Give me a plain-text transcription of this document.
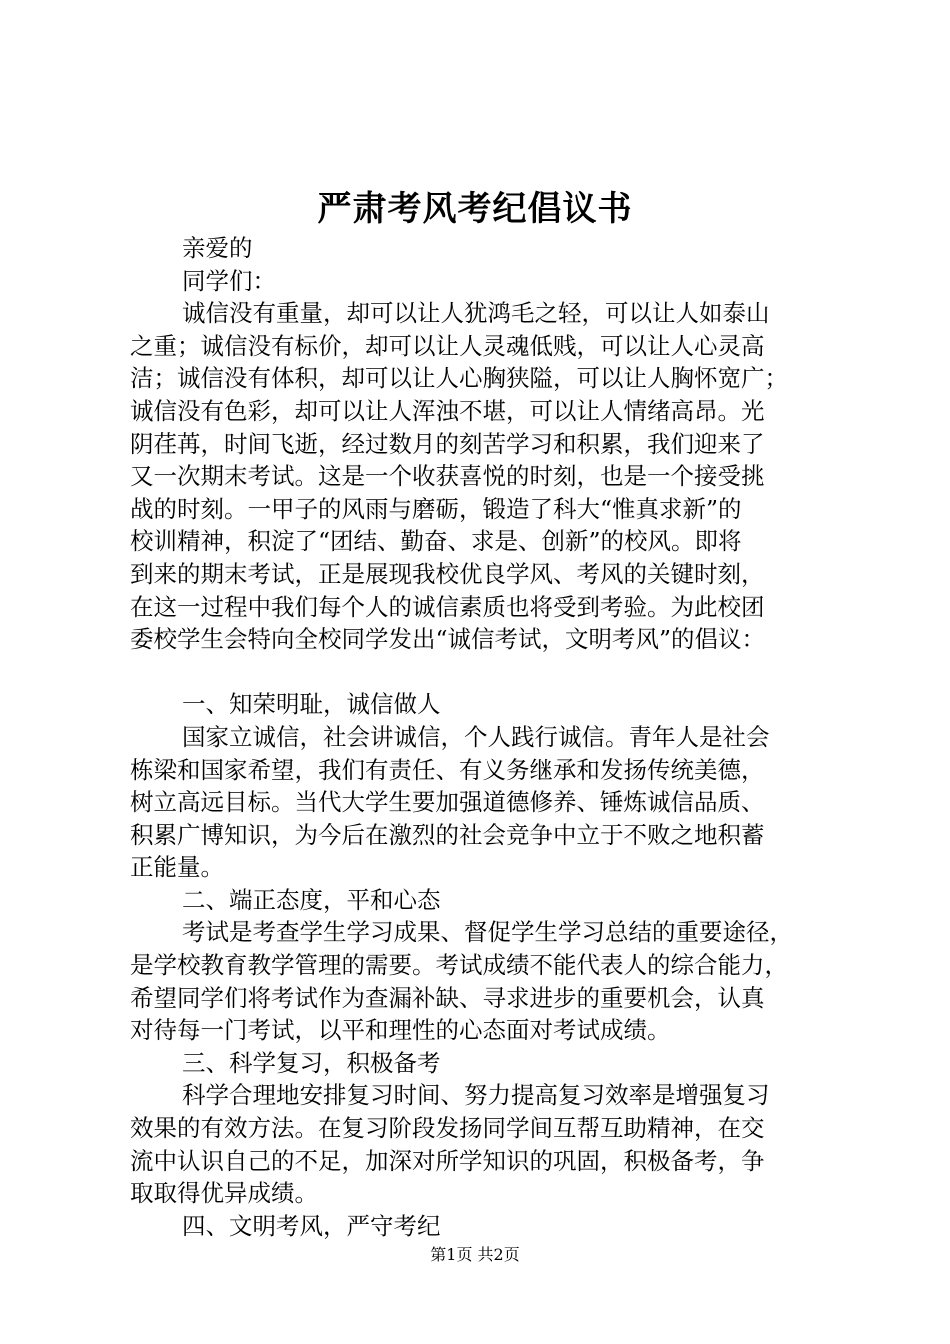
严肃考风考纪倡议书
亲爱的
同学们：
诚信没有重量，却可以让人犹鸿毛之轻，可以让人如泰山
之重；诚信没有标价，却可以让人灵魂低贱，可以让人心灵高
洁；诚信没有体积，却可以让人心胸狭隘，可以让人胸怀宽广；
诚信没有色彩，却可以让人浑浊不堪，可以让人情绪高昂。光
阴荏苒，时间飞逝，经过数月的刻苦学习和积累，我们迎来了
又一次期末考试。这是一个收获喜悦的时刻，也是一个接受挑
战的时刻。一甲子的风雨与磨砺，锻造了科大“惟真求新”的
校训精神，积淀了“团结、勤奋、求是、创新”的校风。即将
到来的期末考试，正是展现我校优良学风、考风的关键时刻，
在这一过程中我们每个人的诚信素质也将受到考验。为此校团
委校学生会特向全校同学发出“诚信考试，文明考风”的倡议：
一、知荣明耻，诚信做人
国家立诚信，社会讲诚信，个人践行诚信。青年人是社会
栋梁和国家希望，我们有责任、有义务继承和发扬传统美德，
树立高远目标。当代大学生要加强道德修养、锤炼诚信品质、
积累广博知识，为今后在激烈的社会竞争中立于不败之地积蓄
正能量。
二、端正态度，平和心态
考试是考查学生学习成果、督促学生学习总结的重要途径，
是学校教育教学管理的需要。考试成绩不能代表人的综合能力，
希望同学们将考试作为查漏补缺、寻求进步的重要机会，认真
对待每一门考试，以平和理性的心态面对考试成绩。
三、科学复习，积极备考
科学合理地安排复习时间、努力提高复习效率是增强复习
效果的有效方法。在复习阶段发扬同学间互帮互助精神，在交
流中认识自己的不足，加深对所学知识的巩固，积极备考，争
取取得优异成绩。
四、文明考风，严守考纪
第1页 共2页
